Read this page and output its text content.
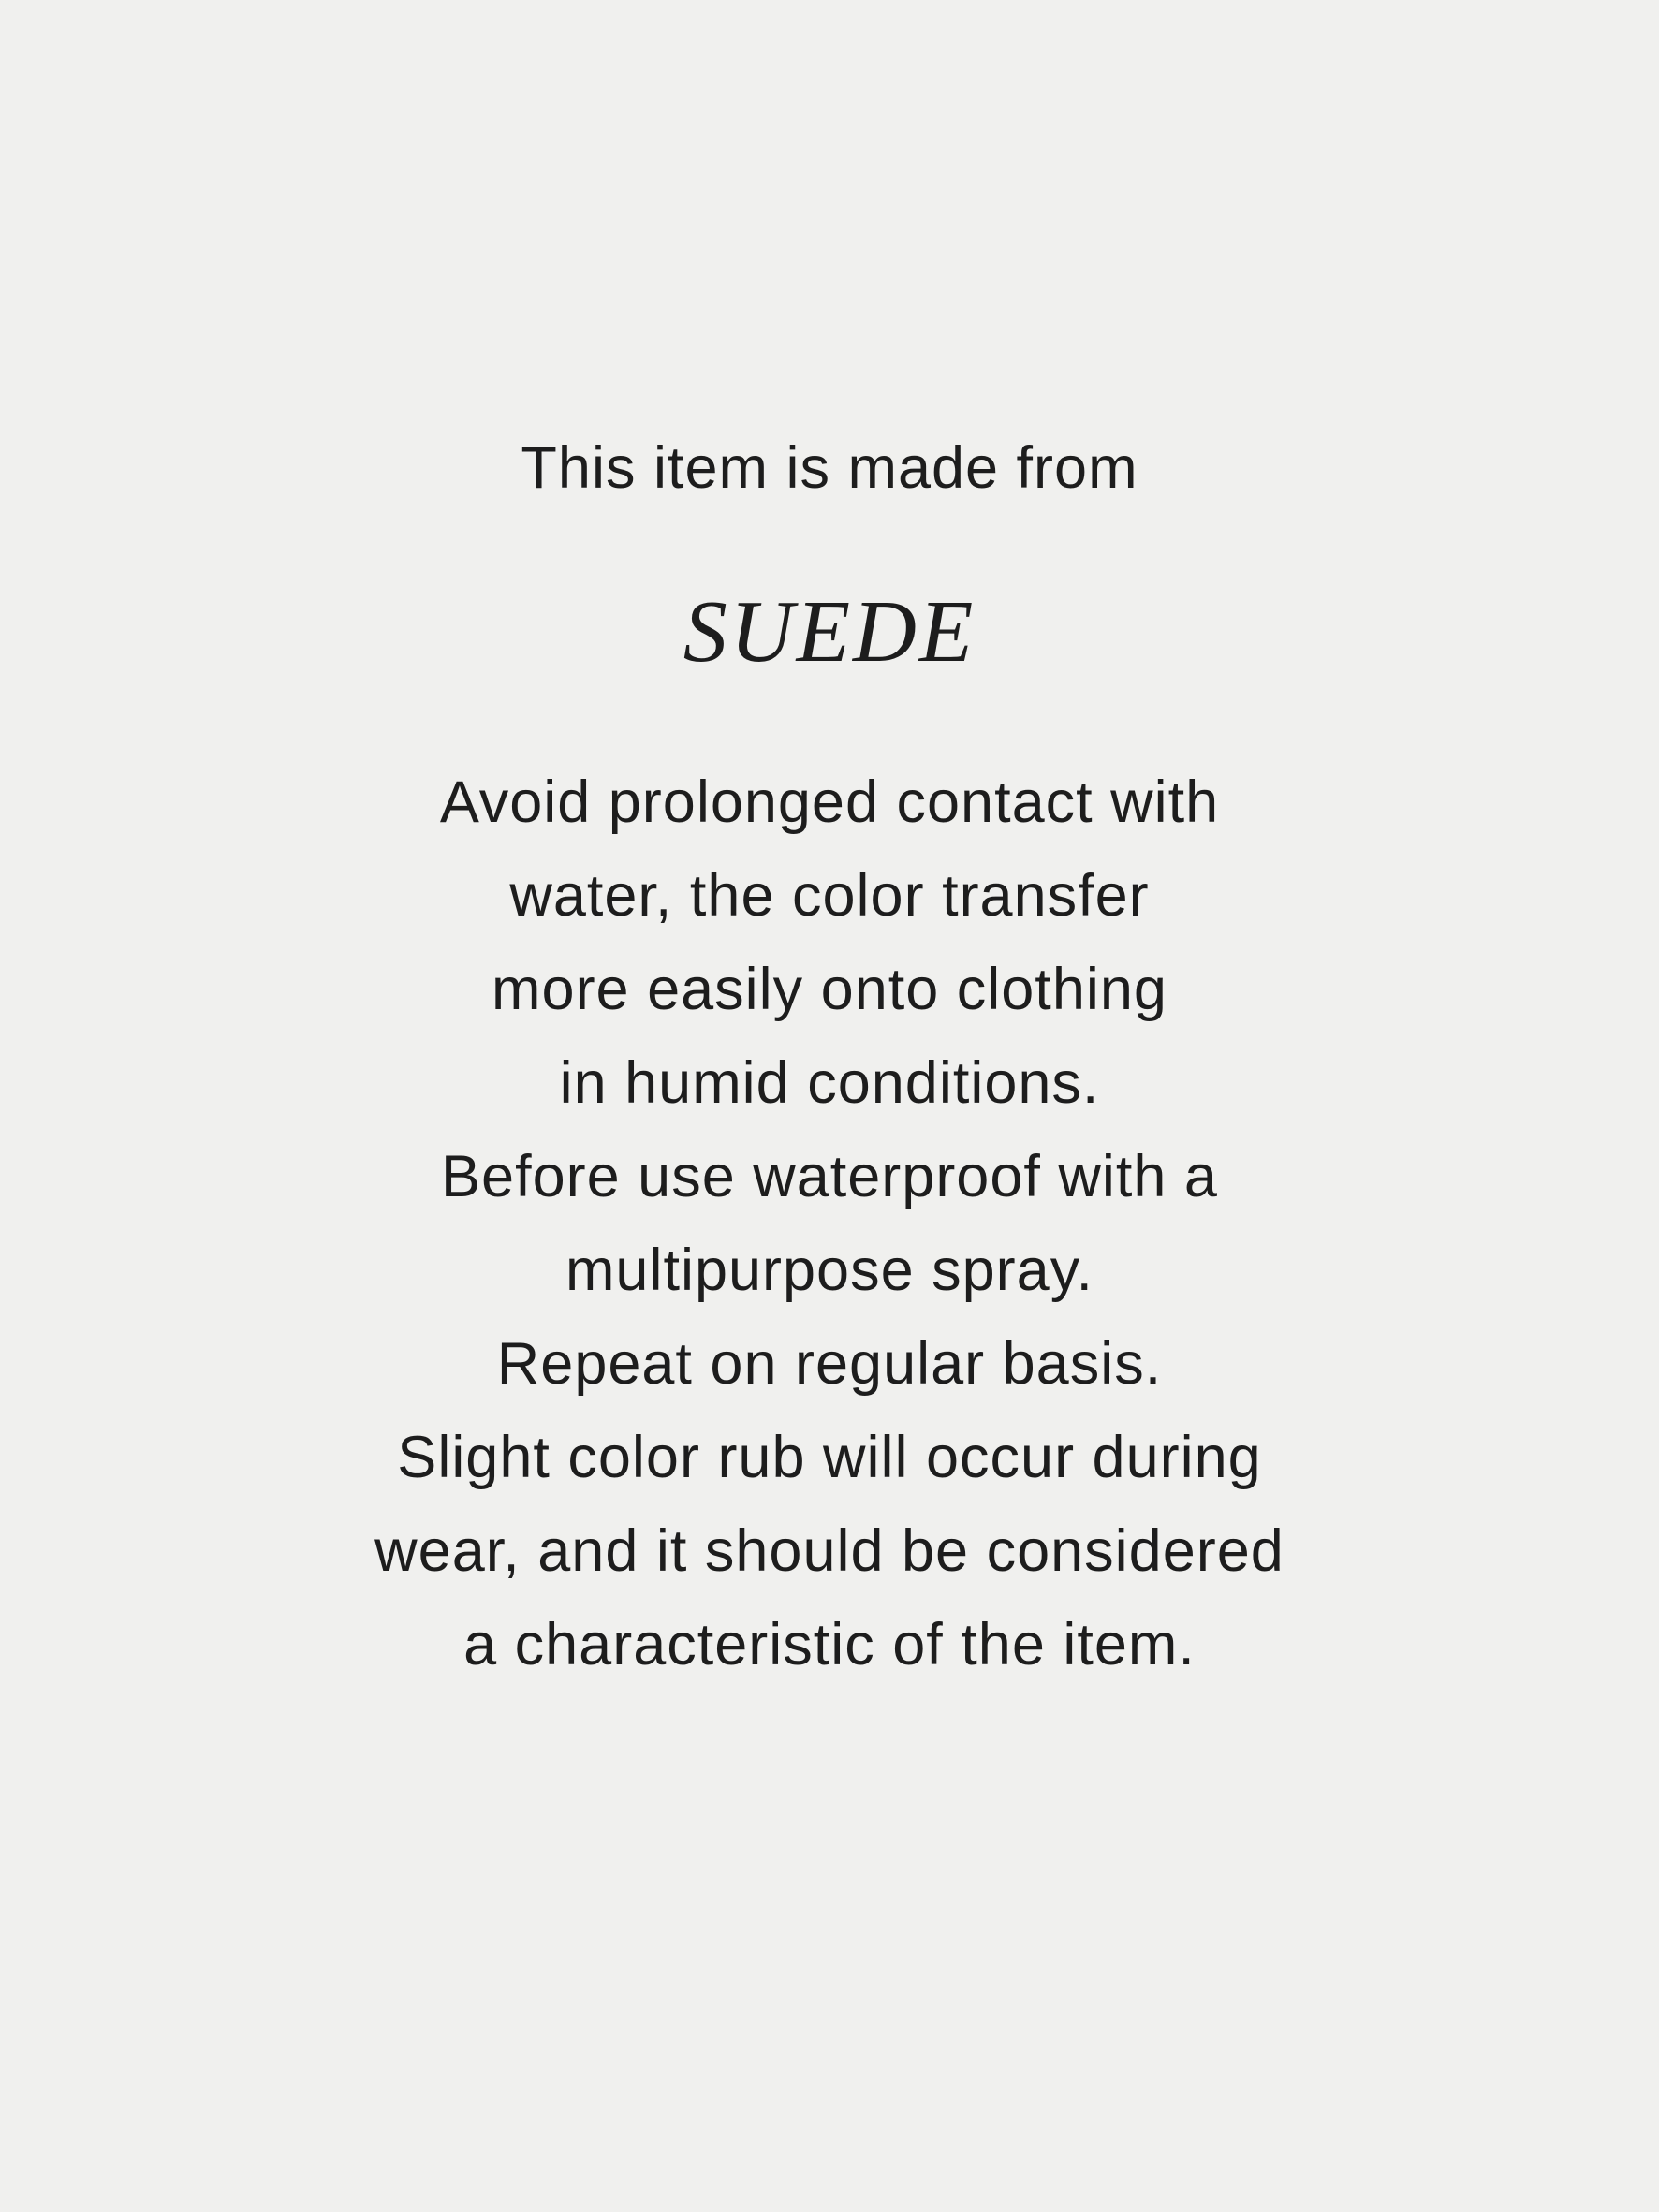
This item is made from
SUEDE
Avoid prolonged contact with
water, the color transfer
more easily onto clothing
in humid conditions.
Before use waterproof with a
multipurpose spray.
Repeat on regular basis.
Slight color rub will occur during
wear, and it should be considered
a characteristic of the item.
